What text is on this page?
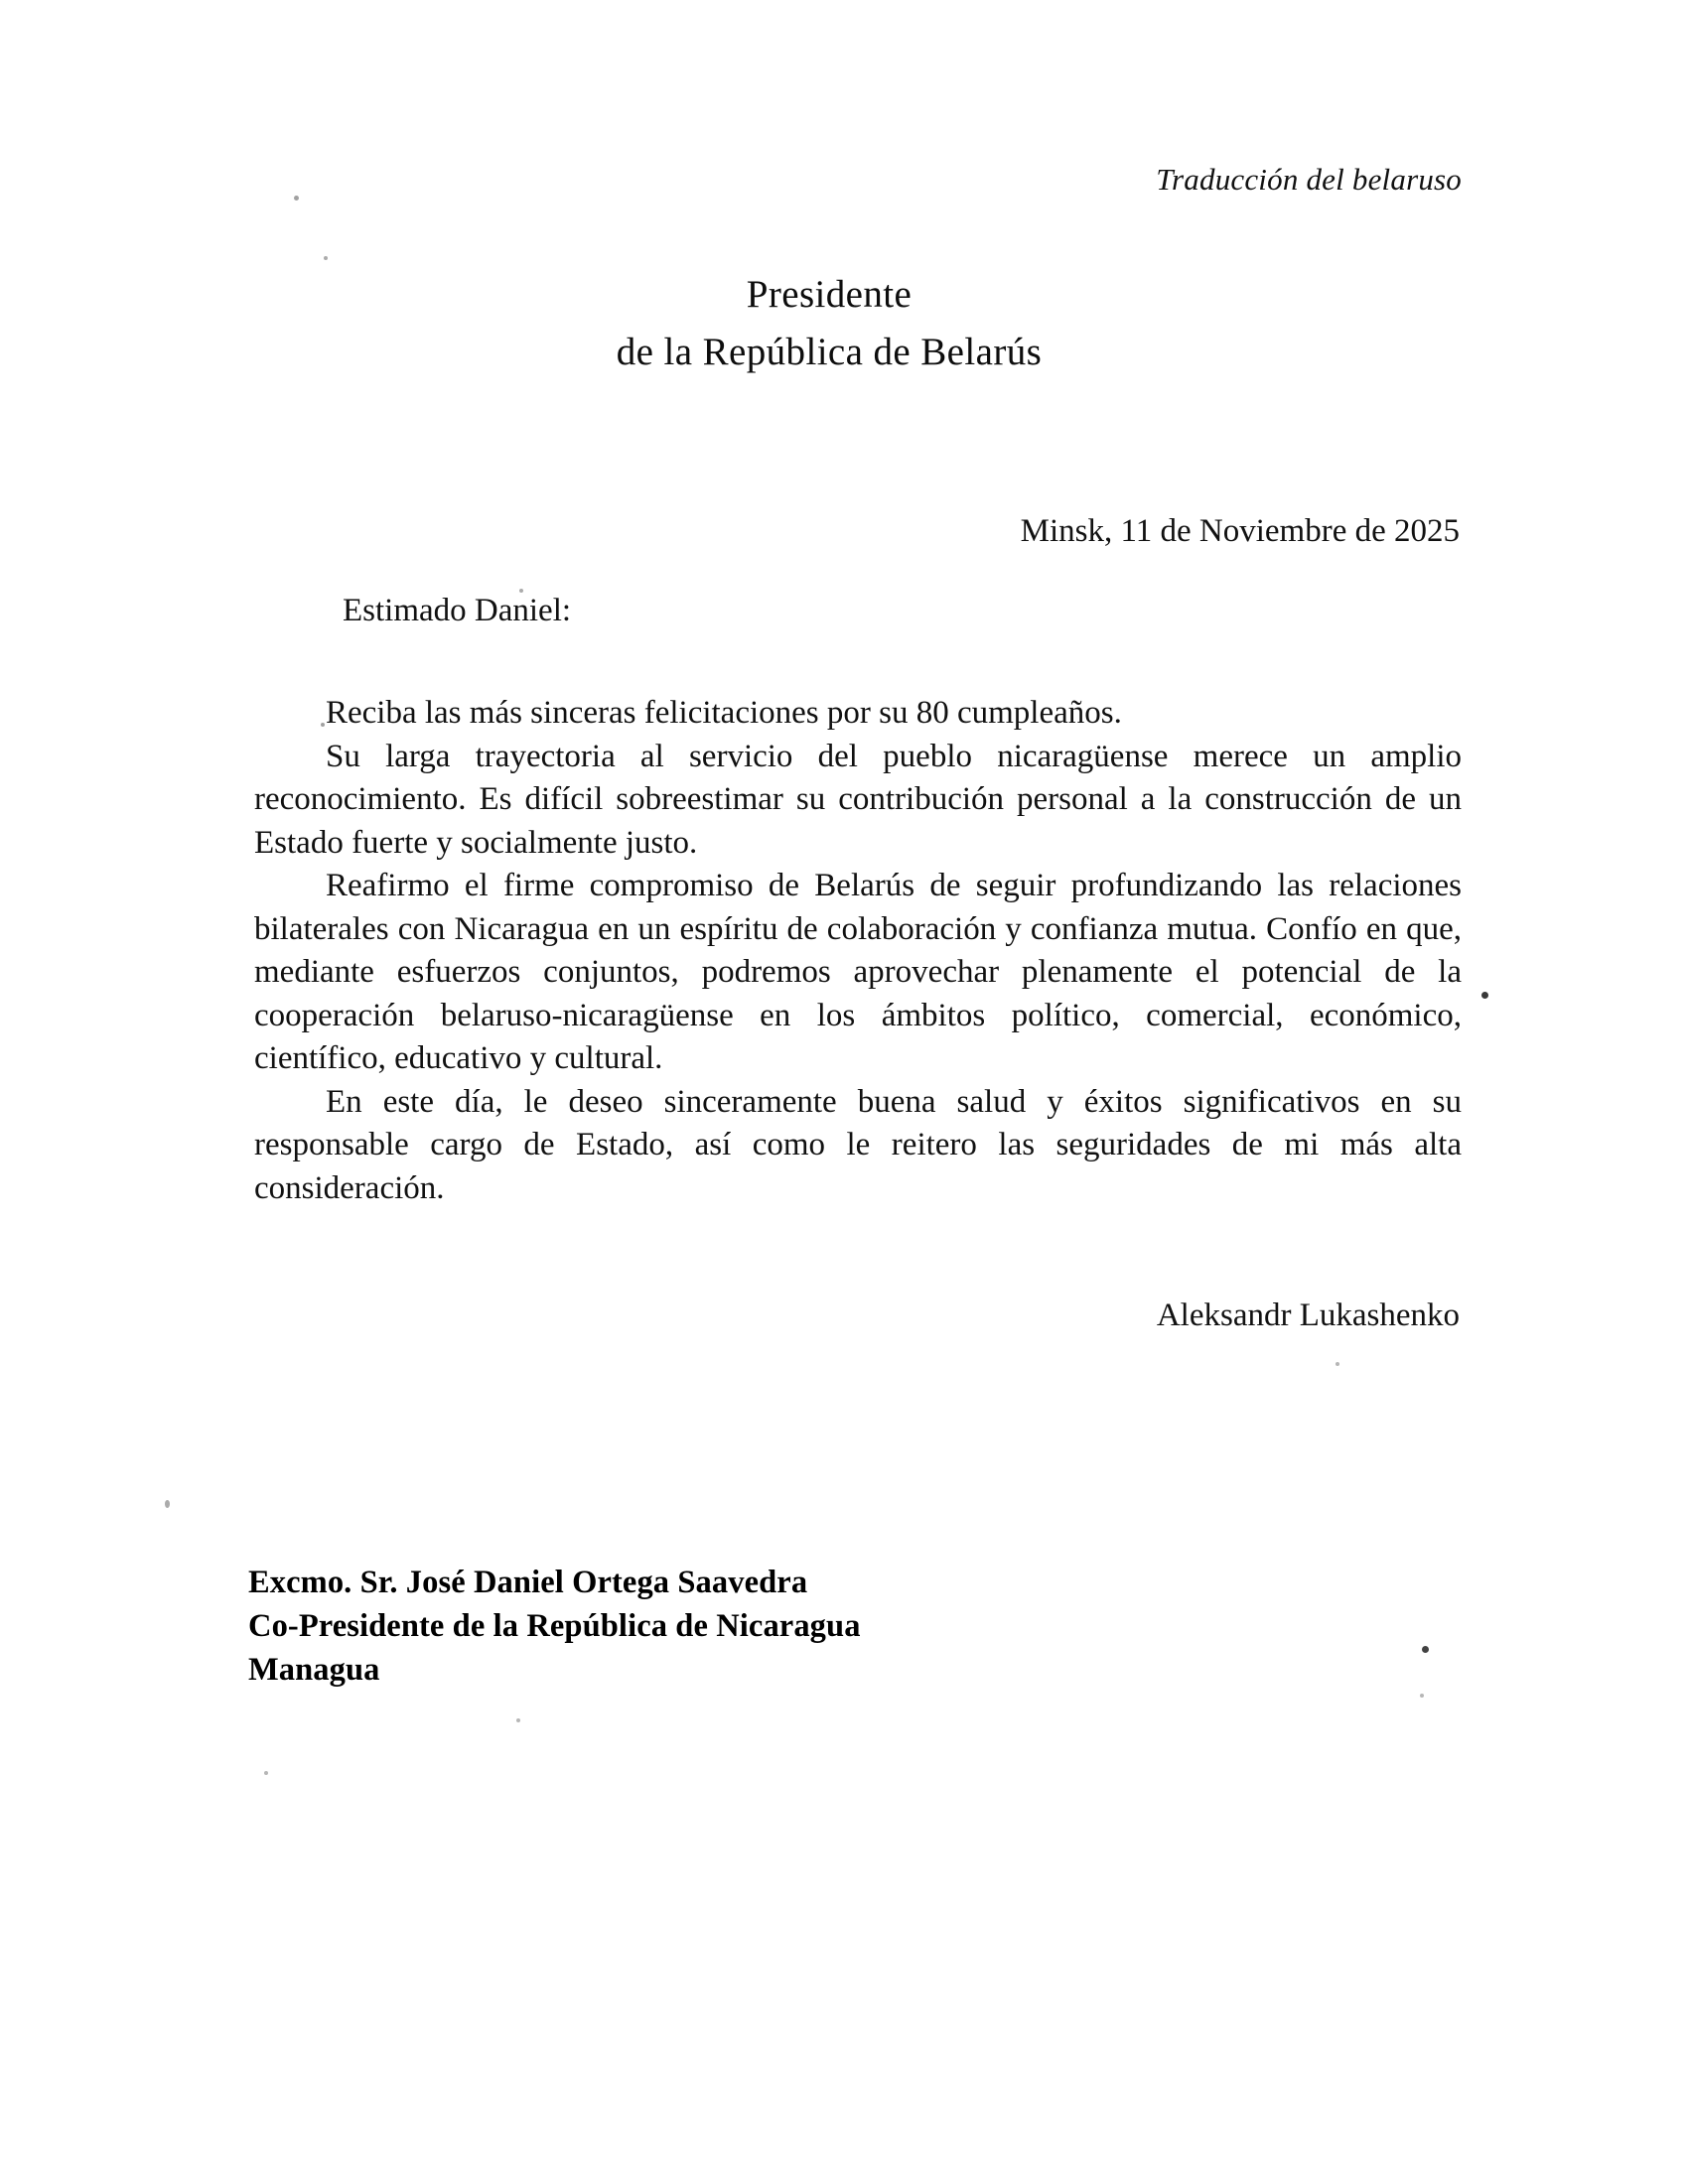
Traducción del belaruso
Presidente
de la República de Belarús
Minsk, 11 de Noviembre de 2025
Estimado Daniel:

Reciba las más sinceras felicitaciones por su 80 cumpleaños.

Su larga trayectoria al servicio del pueblo nicaragüense merece un amplio reconocimiento. Es difícil sobreestimar su contribución personal a la construcción de un Estado fuerte y socialmente justo.

Reafirmo el firme compromiso de Belarús de seguir profundizando las relaciones bilaterales con Nicaragua en un espíritu de colaboración y confianza mutua. Confío en que, mediante esfuerzos conjuntos, podremos aprovechar plenamente el potencial de la cooperación belaruso-nicaragüense en los ámbitos político, comercial, económico, científico, educativo y cultural.

En este día, le deseo sinceramente buena salud y éxitos significativos en su responsable cargo de Estado, así como le reitero las seguridades de mi más alta consideración.

Aleksandr Lukashenko
Excmo. Sr. José Daniel Ortega Saavedra
Co-Presidente de la República de Nicaragua
Managua
